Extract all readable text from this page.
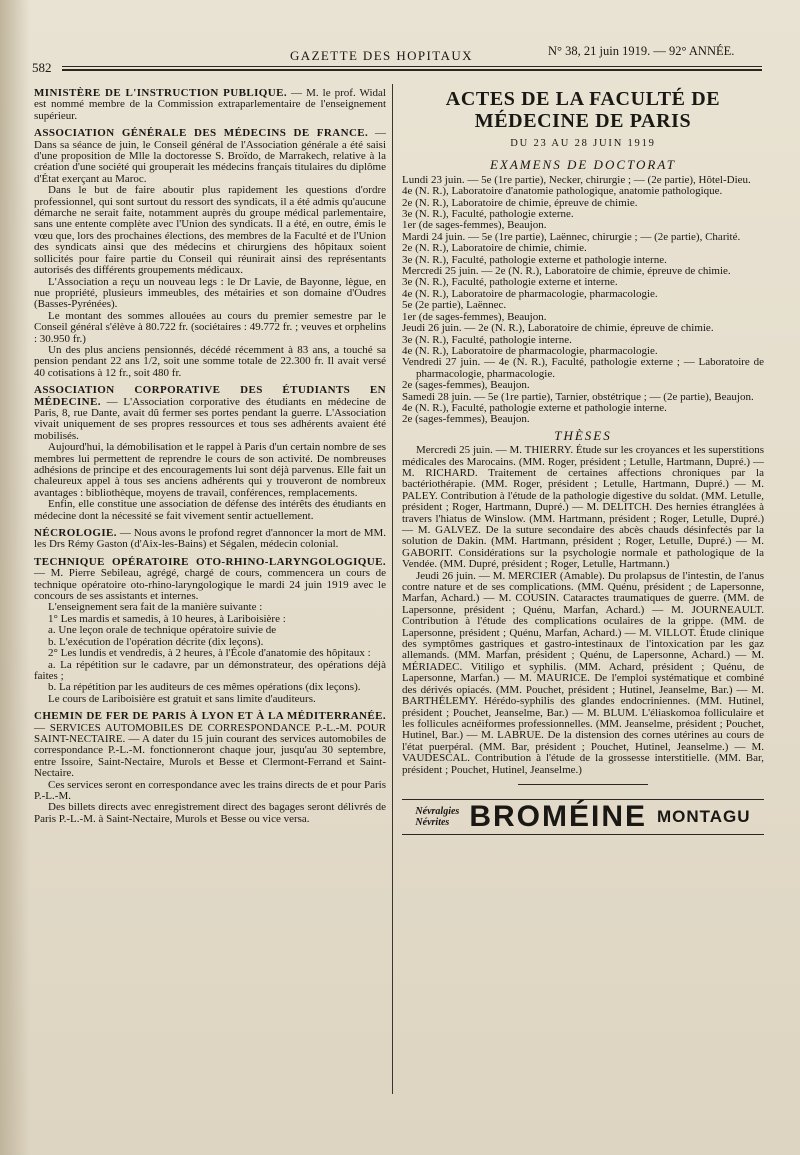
582
GAZETTE DES HOPITAUX	N° 38, 21 juin 1919. — 92° ANNÉE.

MINISTÈRE DE L'INSTRUCTION PUBLIQUE. — M. le prof. Widal est nommé membre de la Commission extraparlementaire de l'enseignement supérieur.

ASSOCIATION GÉNÉRALE DES MÉDECINS DE FRANCE. — Dans sa séance de juin, le Conseil général de l'Association générale a été saisi d'une proposition de Mlle la doctoresse S. Broïdo, de Marrakech, relative à la création d'une société qui grouperait les médecins français titulaires du diplôme d'État exerçant au Maroc.

Dans le but de faire aboutir plus rapidement les questions d'ordre professionnel, qui sont surtout du ressort des syndicats, il a été admis qu'aucune démarche ne serait faite, notamment auprès du groupe médical parlementaire, sans une entente complète avec l'Union des syndicats. Il a été, en outre, émis le vœu que, lors des prochaines élections, des membres de la Faculté et de l'Union des syndicats ainsi que des médecins et chirurgiens des hôpitaux soient sollicités pour faire partie du Conseil qui réunirait ainsi des représentants autorisés des différents groupements médicaux.

L'Association a reçu un nouveau legs : le Dr Lavie, de Bayonne, lègue, en nue propriété, plusieurs immeubles, des métairies et son domaine d'Oudres (Basses-Pyrénées).

Le montant des sommes allouées au cours du premier semestre par le Conseil général s'élève à 80.722 fr. (sociétaires : 49.772 fr. ; veuves et orphelins : 30.950 fr.)

Un des plus anciens pensionnés, décédé récemment à 83 ans, a touché sa pension pendant 22 ans 1/2, soit une somme totale de 22.300 fr. Il avait versé 40 cotisations à 12 fr., soit 480 fr.

ASSOCIATION CORPORATIVE DES ÉTUDIANTS EN MÉDECINE. — L'Association corporative des étudiants en médecine de Paris, 8, rue Dante, avait dû fermer ses portes pendant la guerre. L'Association vivait uniquement de ses propres ressources et tous ses adhérents avaient été mobilisés.

Aujourd'hui, la démobilisation et le rappel à Paris d'un certain nombre de ses membres lui permettent de reprendre le cours de son activité. De nombreuses adhésions de principe et des encouragements lui sont déjà parvenus. Elle fait un chaleureux appel à tous ses anciens adhérents qui y trouveront de nombreux avantages : bibliothèque, moyens de travail, conférences, remplacements.

Enfin, elle constitue une association de défense des intérêts des étudiants en médecine dont la nécessité se fait vivement sentir actuellement.

NÉCROLOGIE. — Nous avons le profond regret d'annoncer la mort de MM. les Drs Rémy Gaston (d'Aix-les-Bains) et Ségalen, médecin colonial.

TECHNIQUE OPÉRATOIRE OTO-RHINO-LARYNGOLOGIQUE. — M. Pierre Sebileau, agrégé, chargé de cours, commencera un cours de technique opératoire oto-rhino-laryngologique le mardi 24 juin 1919 avec le concours de ses assistants et internes.

L'enseignement sera fait de la manière suivante :

1° Les mardis et samedis, à 10 heures, à Lariboisière :

a. Une leçon orale de technique opératoire suivie de

b. L'exécution de l'opération décrite (dix leçons).

2° Les lundis et vendredis, à 2 heures, à l'École d'anatomie des hôpitaux :

a. La répétition sur le cadavre, par un démonstrateur, des opérations déjà faites ;

b. La répétition par les auditeurs de ces mêmes opérations (dix leçons).

Le cours de Lariboisière est gratuit et sans limite d'auditeurs.

CHEMIN DE FER DE PARIS À LYON ET À LA MÉDITERRANÉE. — SERVICES AUTOMOBILES DE CORRESPONDANCE P.-L.-M. POUR SAINT-NECTAIRE. — A dater du 15 juin courant des services automobiles de correspondance P.-L.-M. fonctionneront chaque jour, jusqu'au 30 septembre, entre Issoire, Saint-Nectaire, Murols et Besse et Clermont-Ferrand et Saint-Nectaire.

Ces services seront en correspondance avec les trains directs de et pour Paris P.-L.-M.

Des billets directs avec enregistrement direct des bagages seront délivrés de Paris P.-L.-M. à Saint-Nectaire, Murols et Besse ou vice versa.

ACTES DE LA FACULTÉ DE MÉDECINE DE PARIS
DU 23 AU 28 JUIN 1919
EXAMENS DE DOCTORAT

Lundi 23 juin. — 5e (1re partie), Necker, chirurgie ; — (2e partie), Hôtel-Dieu.

4e (N. R.), Laboratoire d'anatomie pathologique, anatomie pathologique.

2e (N. R.), Laboratoire de chimie, épreuve de chimie.

3e (N. R.), Faculté, pathologie externe.

1er (de sages-femmes), Beaujon.

Mardi 24 juin. — 5e (1re partie), Laënnec, chirurgie ; — (2e partie), Charité.

2e (N. R.), Laboratoire de chimie, chimie.

3e (N. R.), Faculté, pathologie externe et pathologie interne.

Mercredi 25 juin. — 2e (N. R.), Laboratoire de chimie, épreuve de chimie.

3e (N. R.), Faculté, pathologie externe et interne.

4e (N. R.), Laboratoire de pharmacologie, pharmacologie.

5e (2e partie), Laënnec.

1er (de sages-femmes), Beaujon.

Jeudi 26 juin. — 2e (N. R.), Laboratoire de chimie, épreuve de chimie.

3e (N. R.), Faculté, pathologie interne.

4e (N. R.), Laboratoire de pharmacologie, pharmacologie.

Vendredi 27 juin. — 4e (N. R.), Faculté, pathologie externe ; — Laboratoire de pharmacologie, pharmacologie.

2e (sages-femmes), Beaujon.

Samedi 28 juin. — 5e (1re partie), Tarnier, obstétrique ; — (2e partie), Beaujon.

4e (N. R.), Faculté, pathologie externe et pathologie interne.

2e (sages-femmes), Beaujon.

THÈSES

Mercredi 25 juin. — M. THIERRY. Étude sur les croyances et les superstitions médicales des Marocains. (MM. Roger, président ; Letulle, Hartmann, Dupré.) — M. RICHARD. Traitement de certaines affections chroniques par la bactériothérapie. (MM. Roger, président ; Letulle, Hartmann, Dupré.) — M. PALEY. Contribution à l'étude de la pathologie digestive du soldat. (MM. Letulle, président ; Roger, Hartmann, Dupré.) — M. DELITCH. Des hernies étranglées à travers l'hiatus de Winslow. (MM. Hartmann, président ; Roger, Letulle, Dupré.) — M. GALVEZ. De la suture secondaire des abcès chauds désinfectés par la solution de Dakin. (MM. Hartmann, président ; Roger, Letulle, Dupré.) — M. GABORIT. Considérations sur la psychologie normale et pathologique de la Vendée. (MM. Dupré, président ; Roger, Letulle, Hartmann.)

Jeudi 26 juin. — M. MERCIER (Amable). Du prolapsus de l'intestin, de l'anus contre nature et de ses complications. (MM. Quénu, président ; de Lapersonne, Marfan, Achard.) — M. COUSIN. Cataractes traumatiques de guerre. (MM. de Lapersonne, président ; Quénu, Marfan, Achard.) — M. JOURNEAULT. Contribution à l'étude des complications oculaires de la grippe. (MM. de Lapersonne, président ; Quénu, Marfan, Achard.) — M. VILLOT. Étude clinique des symptômes gastriques et gastro-intestinaux de l'intoxication par les gaz allemands. (MM. Marfan, président ; Quénu, de Lapersonne, Achard.) — M. MÉRIADEC. Vitiligo et syphilis. (MM. Achard, président ; Quénu, de Lapersonne, Marfan.) — M. MAURICE. De l'emploi systématique et combiné des dérivés opiacés. (MM. Pouchet, président ; Hutinel, Jeanselme, Bar.) — M. BARTHÉLEMY. Hérédo-syphilis des glandes endocriniennes. (MM. Hutinel, président ; Pouchet, Jeanselme, Bar.) — M. BLUM. L'éliaskomoa folliculaire et les follicules acnéiformes professionnelles. (MM. Jeanselme, président ; Pouchet, Hutinel, Bar.) — M. LABRUE. De la distension des cornes utérines au cours de l'état puerpéral. (MM. Bar, président ; Pouchet, Hutinel, Jeanselme.) — M. VAUDESCAL. Contribution à l'étude de la grossesse interstitielle. (MM. Bar, président ; Pouchet, Hutinel, Jeanselme.)

Névralgies
Névrites BROMÉINE MONTAGU
